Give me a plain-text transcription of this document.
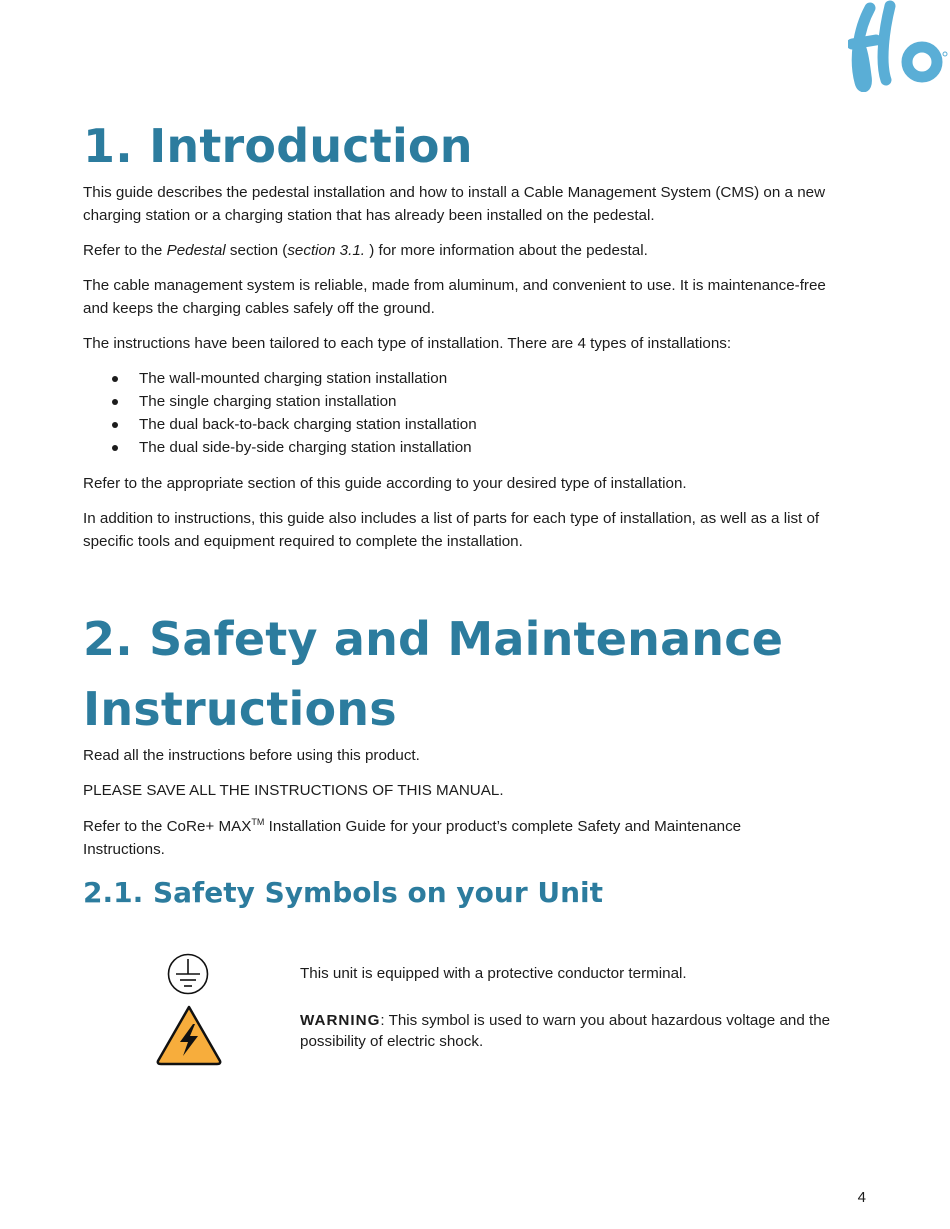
1. Introduction

This guide describes the pedestal installation and how to install a Cable Management System (CMS) on a new charging station or a charging station that has already been installed on the pedestal.

Refer to the Pedestal section (section 3.1. ) for more information about the pedestal.

The cable management system is reliable, made from aluminum, and convenient to use. It is maintenance-free and keeps the charging cables safely off the ground.

The instructions have been tailored to each type of installation. There are 4 types of installations:

The wall-mounted charging station installation
The single charging station installation
The dual back-to-back charging station installation
The dual side-by-side charging station installation

Refer to the appropriate section of this guide according to your desired type of installation.

In addition to instructions, this guide also includes a list of parts for each type of installation, as well as a list of specific tools and equipment required to complete the installation.

2. Safety and Maintenance
Instructions

Read all the instructions before using this product.

PLEASE SAVE ALL THE INSTRUCTIONS OF THIS MANUAL.

Refer to the CoRe+ MAX™ Installation Guide for your product’s complete Safety and Maintenance Instructions.

2.1. Safety Symbols on your Unit
This unit is equipped with a protective conductor terminal.
WARNING: This symbol is used to warn you about hazardous voltage and the possibility of electric shock.
4
